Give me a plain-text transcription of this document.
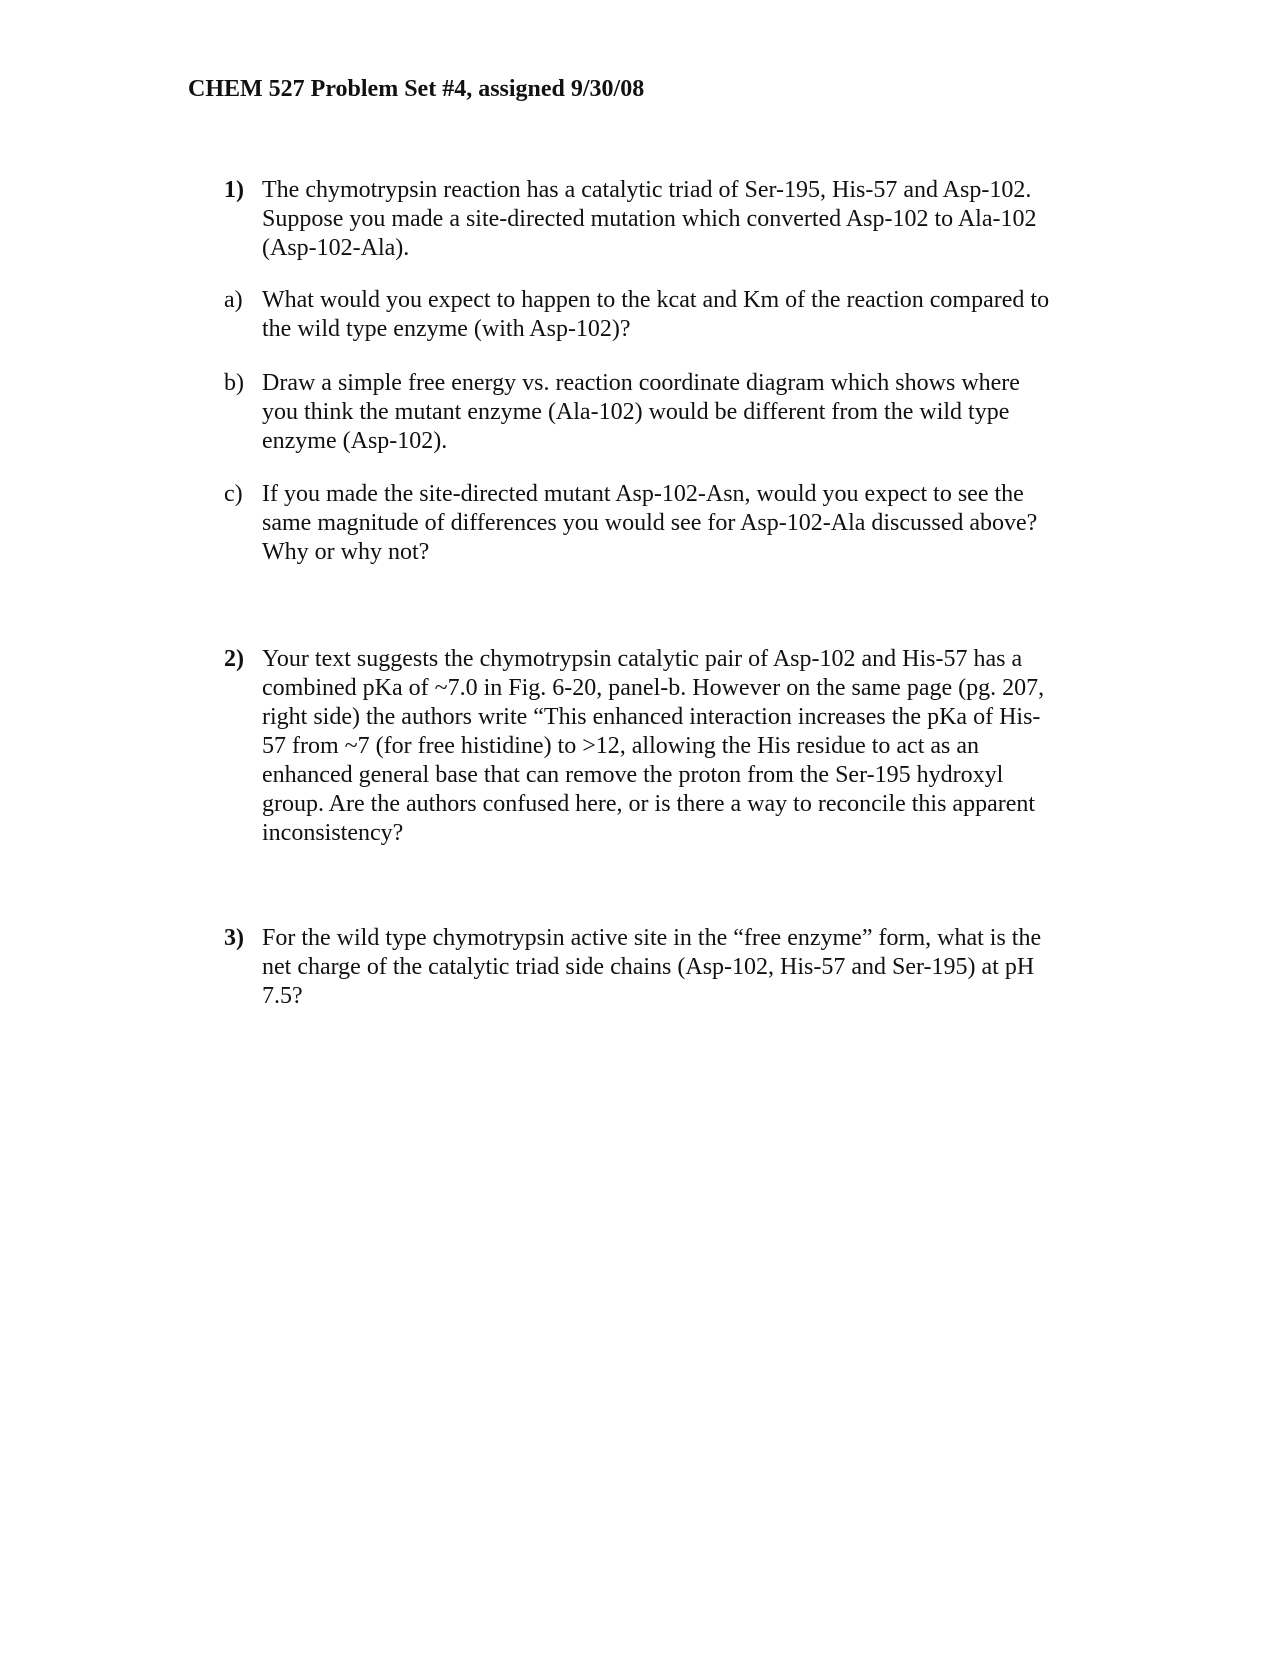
CHEM 527 Problem Set #4, assigned 9/30/08
1) The chymotrypsin reaction has a catalytic triad of Ser-195, His-57 and Asp-102.
Suppose you made a site-directed mutation which converted Asp-102 to Ala-102
(Asp-102-Ala).
a) What would you expect to happen to the kcat and Km of the reaction compared to
the wild type enzyme (with Asp-102)?
b) Draw a simple free energy vs. reaction coordinate diagram which shows where
you think the mutant enzyme (Ala-102) would be different from the wild type
enzyme (Asp-102).
c) If you made the site-directed mutant Asp-102-Asn, would you expect to see the
same magnitude of differences you would see for Asp-102-Ala discussed above?
Why or why not?
2) Your text suggests the chymotrypsin catalytic pair of Asp-102 and His-57 has a
combined pKa of ~7.0 in Fig. 6-20, panel-b. However on the same page (pg. 207,
right side) the authors write “This enhanced interaction increases the pKa of His-
57 from ~7 (for free histidine) to >12, allowing the His residue to act as an
enhanced general base that can remove the proton from the Ser-195 hydroxyl
group. Are the authors confused here, or is there a way to reconcile this apparent
inconsistency?
3) For the wild type chymotrypsin active site in the “free enzyme” form, what is the
net charge of the catalytic triad side chains (Asp-102, His-57 and Ser-195) at pH
7.5?
